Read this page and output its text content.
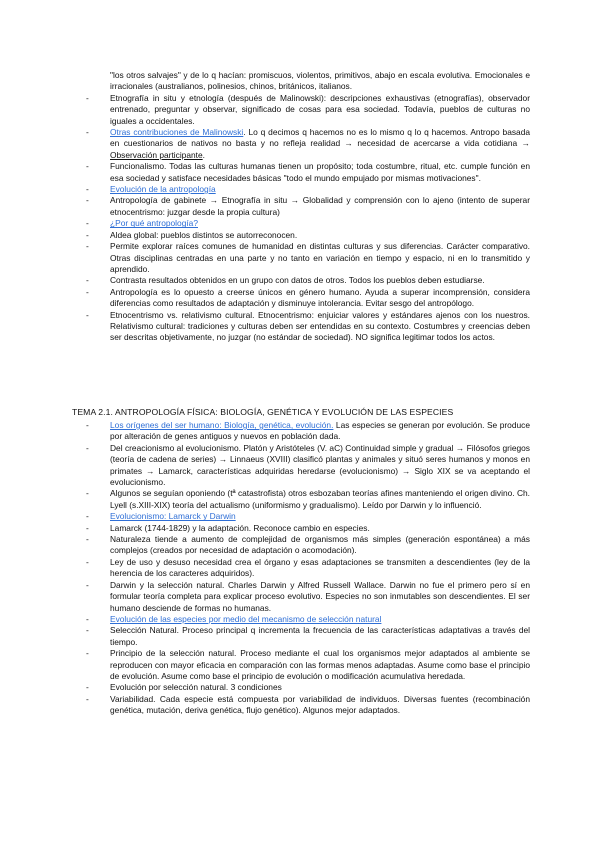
"los otros salvajes" y de lo q hacían: promiscuos, violentos, primitivos, abajo en escala evolutiva. Emocionales e irracionales (australianos, polinesios, chinos, británicos, italianos.

-	Etnografía in situ y etnología (después de Malinowski): descripciones exhaustivas (etnografías), observador entrenado, preguntar y observar, significado de cosas para esa sociedad. Todavía, pueblos de culturas no iguales a occidentales.

-	Otras contribuciones de Malinowski. Lo q decimos q hacemos no es lo mismo q lo q hacemos. Antropo basada en cuestionarios de nativos no basta y no refleja realidad → necesidad de acercarse a vida cotidiana → Observación participante.

-	Funcionalismo. Todas las culturas humanas tienen un propósito; toda costumbre, ritual, etc. cumple función en esa sociedad y satisface necesidades básicas "todo el mundo empujado por mismas motivaciones".

-	Evolución de la antropología

-	Antropología de gabinete → Etnografía in situ → Globalidad y comprensión con lo ajeno (intento de superar etnocentrismo: juzgar desde la propia cultura)

-	¿Por qué antropología?

-	Aldea global: pueblos distintos se autorreconocen.

-	Permite explorar raíces comunes de humanidad en distintas culturas y sus diferencias. Carácter comparativo. Otras disciplinas centradas en una parte y no tanto en variación en tiempo y espacio, ni en lo transmitido y aprendido.

-	Contrasta resultados obtenidos en un grupo con datos de otros. Todos los pueblos deben estudiarse.

-	Antropología es lo opuesto a creerse únicos en género humano. Ayuda a superar incomprensión, considera diferencias como resultados de adaptación y disminuye intolerancia. Evitar sesgo del antropólogo.

-	Etnocentrismo vs. relativismo cultural. Etnocentrismo: enjuiciar valores y estándares ajenos con los nuestros. Relativismo cultural: tradiciones y culturas deben ser entendidas en su contexto. Costumbres y creencias deben ser descritas objetivamente, no juzgar (no estándar de sociedad). NO significa legitimar todos los actos.

TEMA 2.1. ANTROPOLOGÍA FÍSICA: BIOLOGÍA, GENÉTICA Y EVOLUCIÓN DE LAS ESPECIES

-	Los orígenes del ser humano: Biología, genética, evolución. Las especies se generan por evolución. Se produce por alteración de genes antiguos y nuevos en población dada.

-	Del creacionismo al evolucionismo. Platón y Aristóteles (V. aC) Continuidad simple y gradual → Filósofos griegos (teoría de cadena de series) → Linnaeus (XVIII) clasificó plantas y animales y situó seres humanos y monos en primates → Lamarck, características adquiridas heredarse (evolucionismo) → Siglo XIX se va aceptando el evolucionismo.

-	Algunos se seguían oponiendo (tª catastrofista) otros esbozaban teorías afines manteniendo el origen divino. Ch. Lyell (s.XIII-XIX) teoría del actualismo (uniformismo y gradualismo). Leído por Darwin y lo influenció.

-	Evolucionismo: Lamarck y Darwin

-	Lamarck (1744-1829) y la adaptación. Reconoce cambio en especies.

-	Naturaleza tiende a aumento de complejidad de organismos más simples (generación espontánea) a más complejos (creados por necesidad de adaptación o acomodación).

-	Ley de uso y desuso necesidad crea el órgano y esas adaptaciones se transmiten a descendientes (ley de la herencia de los caracteres adquiridos).

-	Darwin y la selección natural. Charles Darwin y Alfred Russell Wallace. Darwin no fue el primero pero sí en formular teoría completa para explicar proceso evolutivo. Especies no son inmutables son descendientes. El ser humano desciende de formas no humanas.

-	Evolución de las especies por medio del mecanismo de selección natural

-	Selección Natural. Proceso principal q incrementa la frecuencia de las características adaptativas a través del tiempo.

-	Principio de la selección natural. Proceso mediante el cual los organismos mejor adaptados al ambiente se reproducen con mayor eficacia en comparación con las formas menos adaptadas. Asume como base el principio de evolución. Asume como base el principio de evolución o modificación acumulativa heredada.

-	Evolución por selección natural. 3 condiciones

-	Variabilidad. Cada especie está compuesta por variabilidad de individuos. Diversas fuentes (recombinación genética, mutación, deriva genética, flujo genético). Algunos mejor adaptados.
